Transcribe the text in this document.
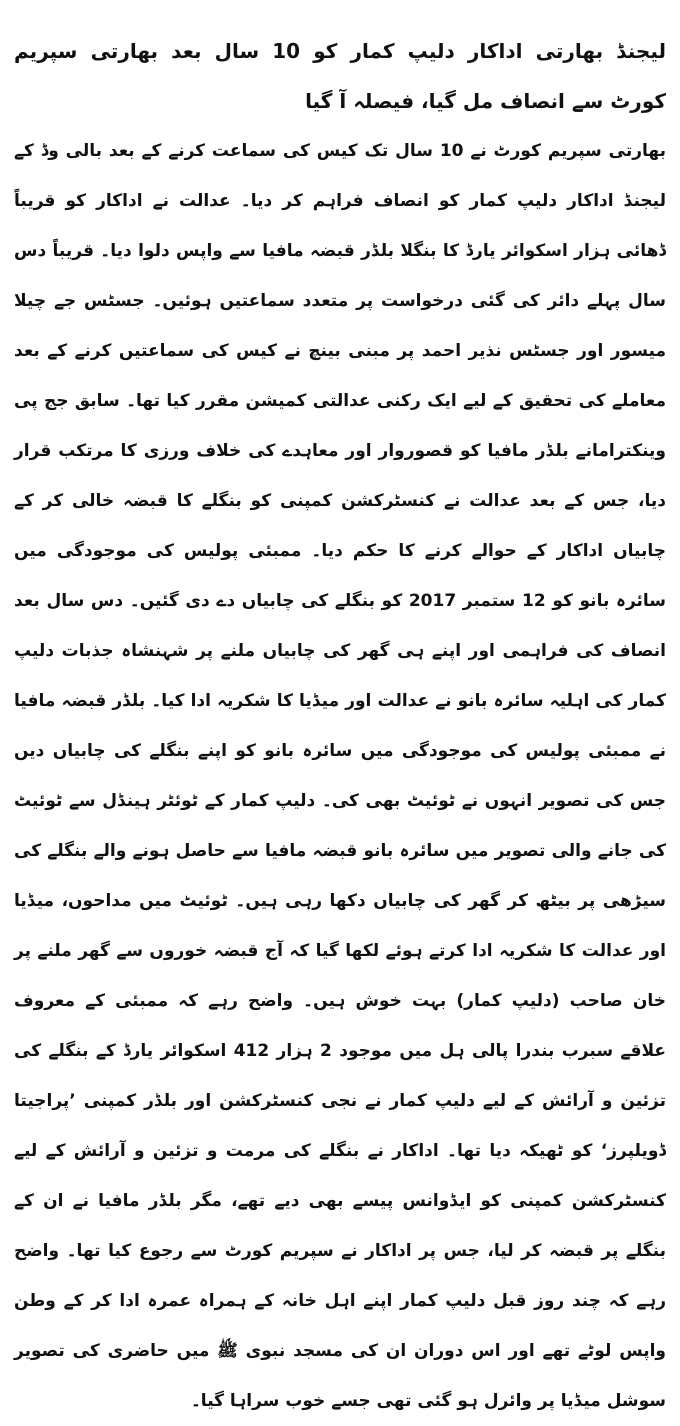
لیجنڈ بھارتی اداکار دلیپ کمار کو 10 سال بعد بھارتی سپریم کورٹ سے انصاف مل گیا، فیصلہ آ گیا

بھارتی سپریم کورٹ نے 10 سال تک کیس کی سماعت کرنے کے بعد بالی وڈ کے لیجنڈ اداکار دلیپ کمار کو انصاف فراہم کر دیا۔ عدالت نے اداکار کو قریباً ڈھائی ہزار اسکوائر یارڈ کا بنگلا بلڈر قبضہ مافیا سے واپس دلوا دیا۔ قریباً دس سال پہلے دائر کی گئی درخواست پر متعدد سماعتیں ہوئیں۔ جسٹس جے چیلا میسور اور جسٹس نذیر احمد پر مبنی بینچ نے کیس کی سماعتیں کرنے کے بعد معاملے کی تحقیق کے لیے ایک رکنی عدالتی کمیشن مقرر کیا تھا۔ سابق جج پی وینکترامانے بلڈر مافیا کو قصوروار اور معاہدے کی خلاف ورزی کا مرتکب قرار دیا، جس کے بعد عدالت نے کنسٹرکشن کمپنی کو بنگلے کا قبضہ خالی کر کے چابیاں اداکار کے حوالے کرنے کا حکم دیا۔ ممبئی پولیس کی موجودگی میں سائرہ بانو کو 12 ستمبر 2017 کو بنگلے کی چابیاں دے دی گئیں۔ دس سال بعد انصاف کی فراہمی اور اپنے ہی گھر کی چابیاں ملنے پر شہنشاہ جذبات دلیپ کمار کی اہلیہ سائرہ بانو نے عدالت اور میڈیا کا شکریہ ادا کیا۔ بلڈر قبضہ مافیا نے ممبئی پولیس کی موجودگی میں سائرہ بانو کو اپنے بنگلے کی چابیاں دیں جس کی تصویر انہوں نے ٹوئیٹ بھی کی۔ دلیپ کمار کے ٹوئٹر ہینڈل سے ٹوئیٹ کی جانے والی تصویر میں سائرہ بانو قبضہ مافیا سے حاصل ہونے والے بنگلے کی سیڑھی پر بیٹھ کر گھر کی چابیاں دکھا رہی ہیں۔ ٹوئیٹ میں مداحوں، میڈیا اور عدالت کا شکریہ ادا کرتے ہوئے لکھا گیا کہ آج قبضہ خوروں سے گھر ملنے پر خان صاحب (دلیپ کمار) بہت خوش ہیں۔ واضح رہے کہ ممبئی کے معروف علاقے سبرب بندرا پالی ہل میں موجود 2 ہزار 412 اسکوائر یارڈ کے بنگلے کی تزئین و آرائش کے لیے دلیپ کمار نے نجی کنسٹرکشن اور بلڈر کمپنی ’پراجیتا ڈویلپرز‘ کو ٹھیکہ دیا تھا۔ اداکار نے بنگلے کی مرمت و تزئین و آرائش کے لیے کنسٹرکشن کمپنی کو ایڈوانس پیسے بھی دیے تھے، مگر بلڈر مافیا نے ان کے بنگلے پر قبضہ کر لیا، جس پر اداکار نے سپریم کورٹ سے رجوع کیا تھا۔ واضح رہے کہ چند روز قبل دلیپ کمار اپنے اہل خانہ کے ہمراہ عمرہ ادا کر کے وطن واپس لوٹے تھے اور اس دوران ان کی مسجد نبوی ﷺ میں حاضری کی تصویر سوشل میڈیا پر وائرل ہو گئی تھی جسے خوب سراہا گیا۔
